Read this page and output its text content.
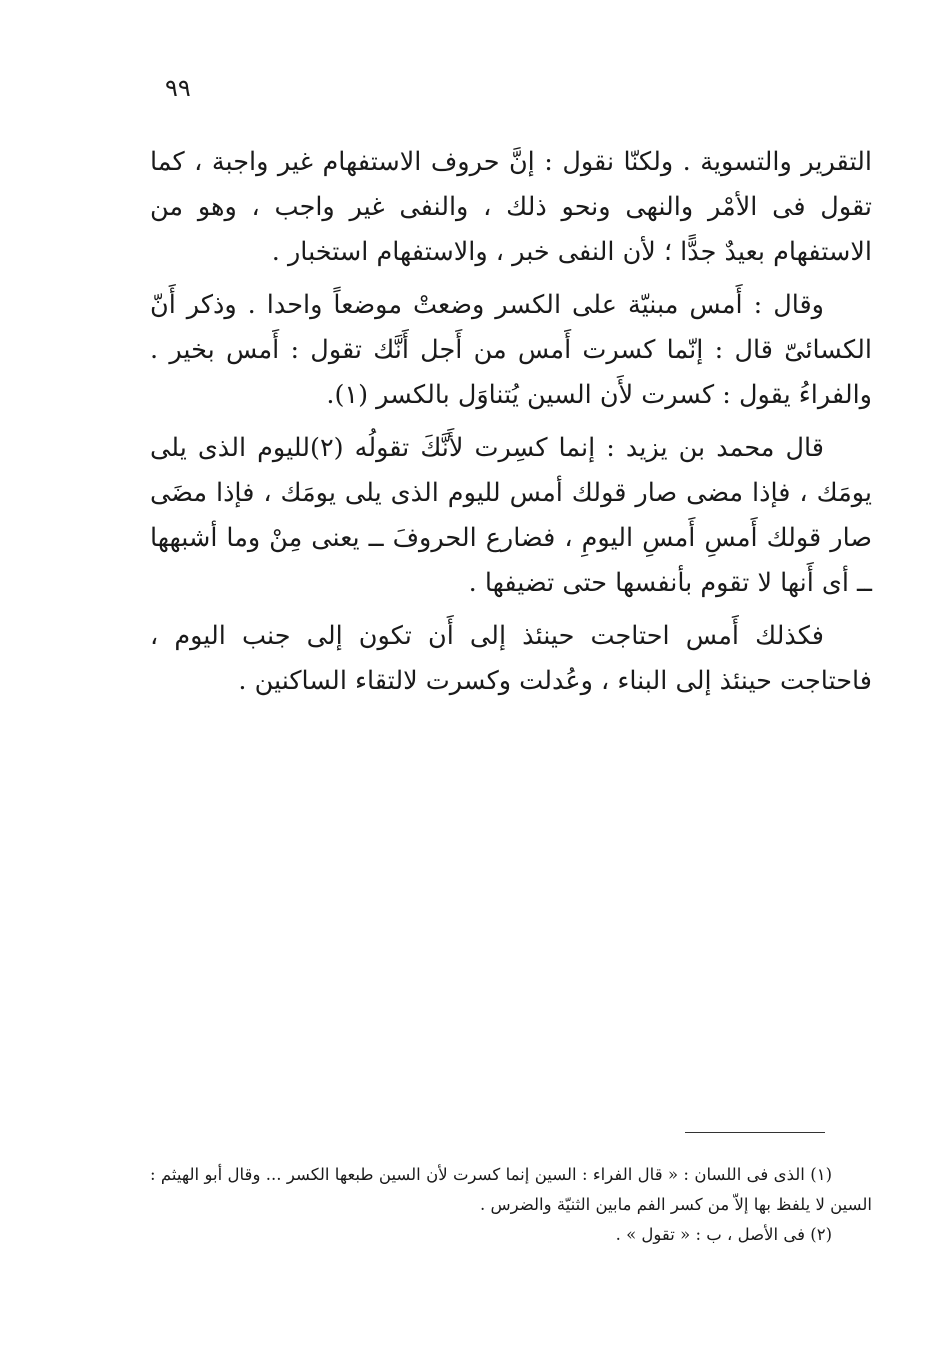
٩٩

التقرير والتسوية . ولكنّا نقول : إنَّ حروف الاستفهام غير واجبة ، كما تقول فى الأمْر والنهى ونحو ذلك ، والنفى غير واجب ، وهو من الاستفهام بعيدٌ جدًّا ؛ لأن النفى خبر ، والاستفهام استخبار .

وقال : أَمس مبنيّة على الكسر وضعتْ موضعاً واحدا . وذكر أَنّ الكسائىّ قال : إنّما كسرت أَمس من أَجل أَنَّك تقول : أَمس بخير . والفراءُ يقول : كسرت لأَن السين يُتناوَل بالكسر (١).

قال محمد بن يزيد : إنما كسِرت لأَنَّكَ تقولُه (٢)لليوم الذى يلى يومَك ، فإذا مضى صار قولك أمس لليوم الذى يلى يومَك ، فإذا مضَى صار قولك أَمسِ أَمسِ اليومِ ، فضارع الحروفَ ــ يعنى مِنْ وما أشبهها ــ أى أَنها لا تقوم بأنفسها حتى تضيفها .

فكذلك أَمس احتاجت حينئذ إلى أَن تكون إلى جنب اليوم ، فاحتاجت حينئذ إلى البناء ، وعُدلت وكسرت لالتقاء الساكنين .

(١) الذى فى اللسان : « قال الفراء : السين إنما كسرت لأن السين طبعها الكسر ... وقال أبو الهيثم : السين لا يلفظ بها إلاّ من كسر الفم مابين الثنيّة والضرس .

(٢) فى الأصل ، ب : « تقول » .
